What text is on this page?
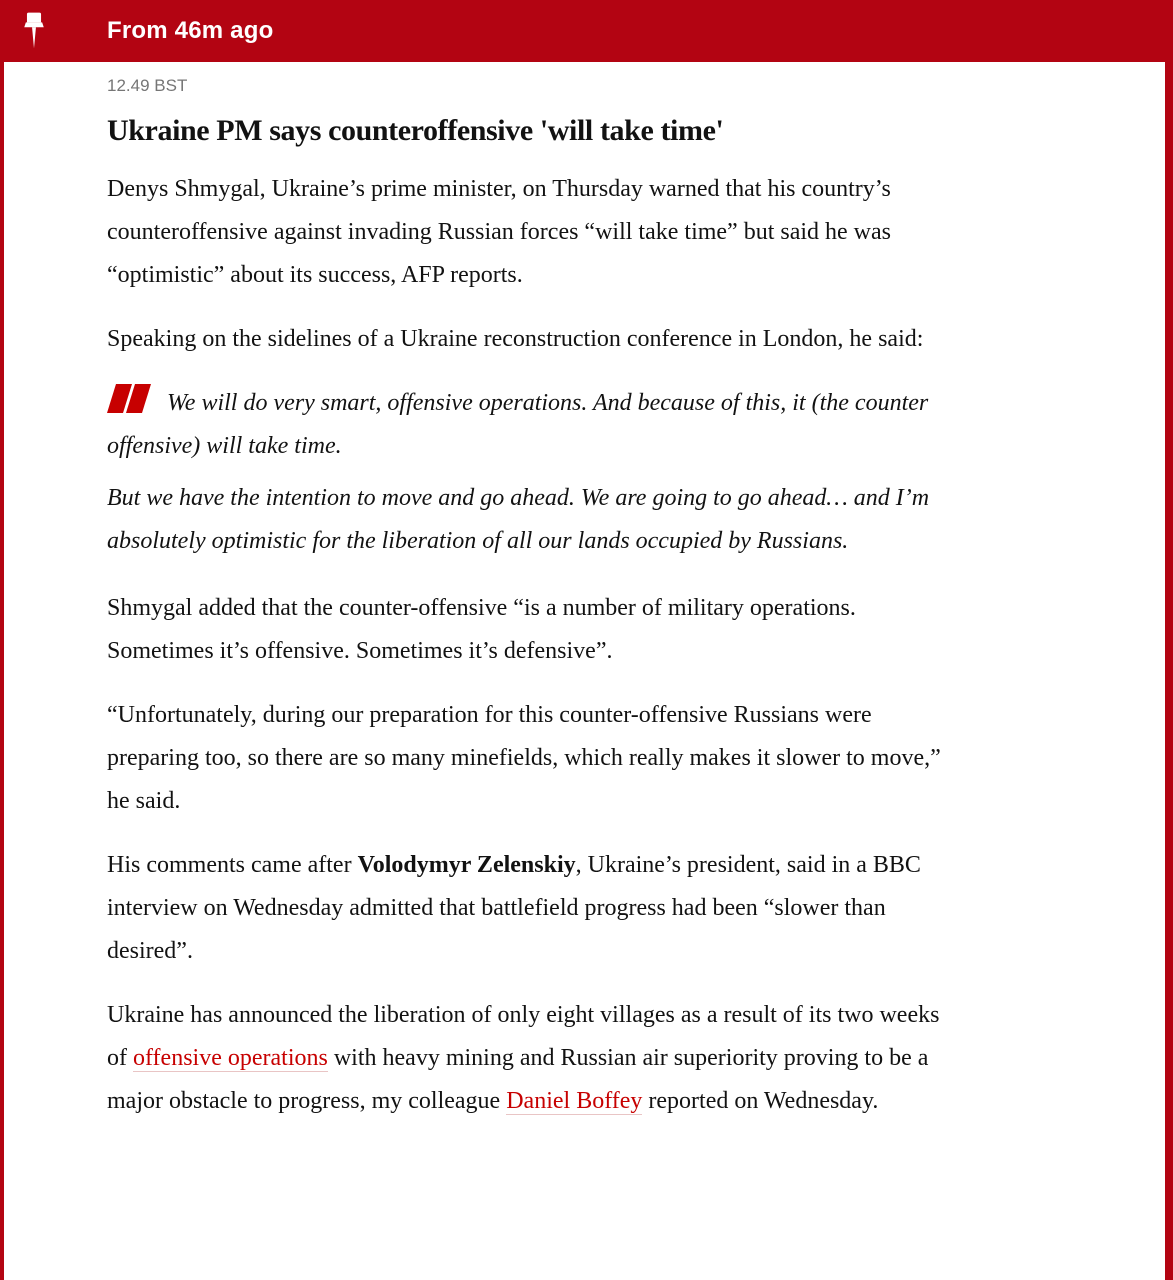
From 46m ago

12.49 BST

Ukraine PM says counteroffensive 'will take time'

Denys Shmygal, Ukraine’s prime minister, on Thursday warned that his country’s counteroffensive against invading Russian forces “will take time” but said he was “optimistic” about its success, AFP reports.

Speaking on the sidelines of a Ukraine reconstruction conference in London, he said:

We will do very smart, offensive operations. And because of this, it (the counter offensive) will take time.

But we have the intention to move and go ahead. We are going to go ahead… and I’m absolutely optimistic for the liberation of all our lands occupied by Russians.

Shmygal added that the counter-offensive “is a number of military operations. Sometimes it’s offensive. Sometimes it’s defensive”.

“Unfortunately, during our preparation for this counter-offensive Russians were preparing too, so there are so many minefields, which really makes it slower to move,” he said.

His comments came after Volodymyr Zelenskiy, Ukraine’s president, said in a BBC interview on Wednesday admitted that battlefield progress had been “slower than desired”.

Ukraine has announced the liberation of only eight villages as a result of its two weeks of offensive operations with heavy mining and Russian air superiority proving to be a major obstacle to progress, my colleague Daniel Boffey reported on Wednesday.
